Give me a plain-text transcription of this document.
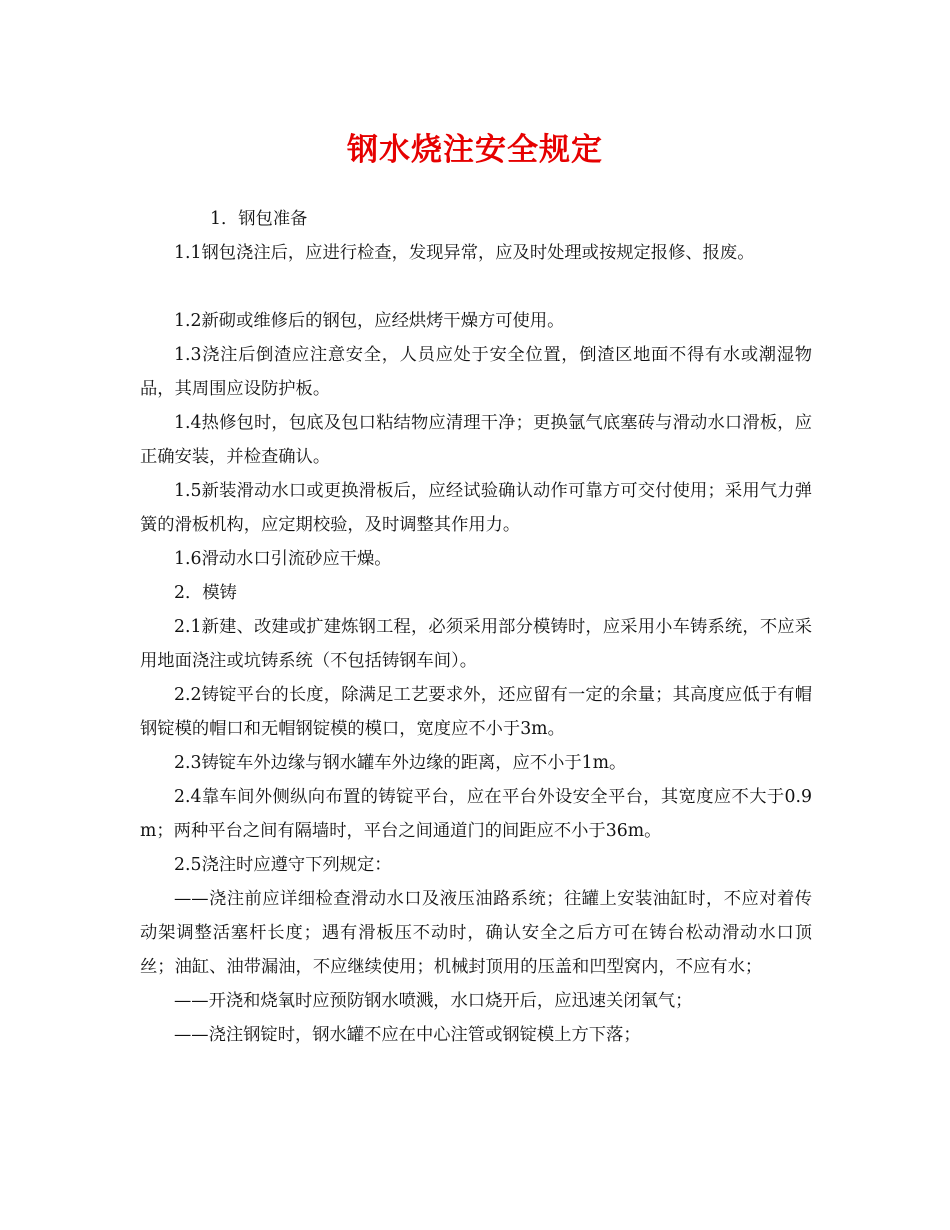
钢水烧注安全规定

1．钢包准备

1.1钢包浇注后，应进行检查，发现异常，应及时处理或按规定报修、报废。

1.2新砌或维修后的钢包，应经烘烤干燥方可使用。

1.3浇注后倒渣应注意安全，人员应处于安全位置，倒渣区地面不得有水或潮湿物品，其周围应设防护板。

1.4热修包时，包底及包口粘结物应清理干净；更换氩气底塞砖与滑动水口滑板，应正确安装，并检查确认。

1.5新装滑动水口或更换滑板后，应经试验确认动作可靠方可交付使用；采用气力弹簧的滑板机构，应定期校验，及时调整其作用力。

1.6滑动水口引流砂应干燥。

2．模铸

2.1新建、改建或扩建炼钢工程，必须采用部分模铸时，应采用小车铸系统，不应采用地面浇注或坑铸系统（不包括铸钢车间）。

2.2铸锭平台的长度，除满足工艺要求外，还应留有一定的余量；其高度应低于有帽钢锭模的帽口和无帽钢锭模的模口，宽度应不小于3m。

2.3铸锭车外边缘与钢水罐车外边缘的距离，应不小于1m。

2.4靠车间外侧纵向布置的铸锭平台，应在平台外设安全平台，其宽度应不大于0.9m；两种平台之间有隔墙时，平台之间通道门的间距应不小于36m。

2.5浇注时应遵守下列规定：

——浇注前应详细检查滑动水口及液压油路系统；往罐上安装油缸时，不应对着传动架调整活塞杆长度；遇有滑板压不动时，确认安全之后方可在铸台松动滑动水口顶丝；油缸、油带漏油，不应继续使用；机械封顶用的压盖和凹型窝内，不应有水；

——开浇和烧氧时应预防钢水喷溅，水口烧开后，应迅速关闭氧气；

——浇注钢锭时，钢水罐不应在中心注管或钢锭模上方下落；
